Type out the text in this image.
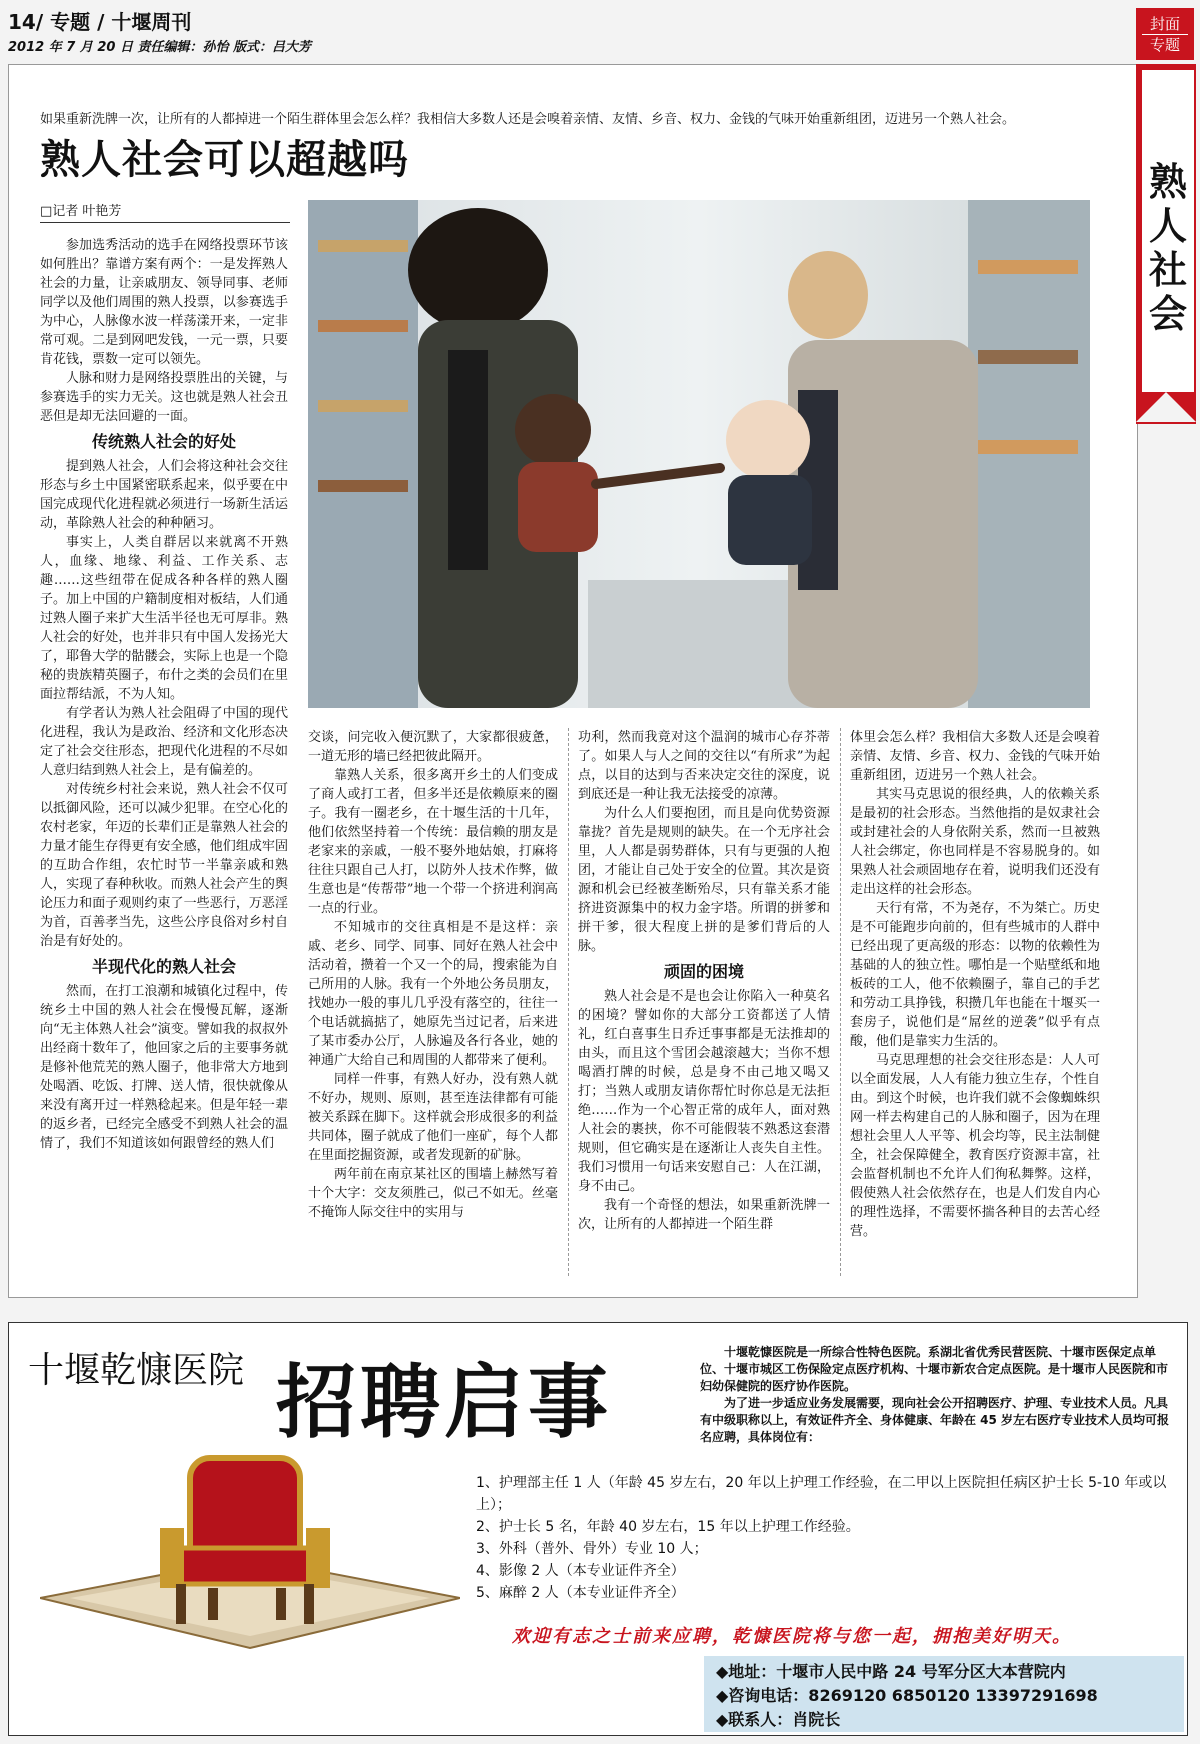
14/ 专题 / 十堰周刊
2012 年 7 月 20 日 责任编辑：孙怡 版式：吕大芳
封面
专题
熟人社会
如果重新洗牌一次，让所有的人都掉进一个陌生群体里会怎么样？我相信大多数人还是会嗅着亲情、友情、乡音、权力、金钱的气味开始重新组团，迈进另一个熟人社会。
熟人社会可以超越吗
□记者 叶艳芳

参加选秀活动的选手在网络投票环节该如何胜出？靠谱方案有两个：一是发挥熟人社会的力量，让亲戚朋友、领导同事、老师同学以及他们周围的熟人投票，以参赛选手为中心，人脉像水波一样荡漾开来，一定非常可观。二是到网吧发钱，一元一票，只要肯花钱，票数一定可以领先。

人脉和财力是网络投票胜出的关键，与参赛选手的实力无关。这也就是熟人社会丑恶但是却无法回避的一面。

传统熟人社会的好处

提到熟人社会，人们会将这种社会交往形态与乡土中国紧密联系起来，似乎要在中国完成现代化进程就必须进行一场新生活运动，革除熟人社会的种种陋习。

事实上，人类自群居以来就离不开熟人，血缘、地缘、利益、工作关系、志趣……这些纽带在促成各种各样的熟人圈子。加上中国的户籍制度相对板结，人们通过熟人圈子来扩大生活半径也无可厚非。熟人社会的好处，也并非只有中国人发扬光大了，耶鲁大学的骷髅会，实际上也是一个隐秘的贵族精英圈子，布什之类的会员们在里面拉帮结派，不为人知。

有学者认为熟人社会阻碍了中国的现代化进程，我认为是政治、经济和文化形态决定了社会交往形态，把现代化进程的不尽如人意归结到熟人社会上，是有偏差的。

对传统乡村社会来说，熟人社会不仅可以抵御风险，还可以减少犯罪。在空心化的农村老家，年迈的长辈们正是靠熟人社会的力量才能生存得更有安全感，他们组成牢固的互助合作组，农忙时节一半靠亲戚和熟人，实现了春种秋收。而熟人社会产生的舆论压力和面子观则约束了一些恶行，万恶淫为首，百善孝当先，这些公序良俗对乡村自治是有好处的。

半现代化的熟人社会

然而，在打工浪潮和城镇化过程中，传统乡土中国的熟人社会在慢慢瓦解，逐渐向“无主体熟人社会”演变。譬如我的叔叔外出经商十数年了，他回家之后的主要事务就是修补他荒芜的熟人圈子，他非常大方地到处喝酒、吃饭、打牌、送人情，很快就像从来没有离开过一样熟稔起来。但是年轻一辈的返乡者，已经完全感受不到熟人社会的温情了，我们不知道该如何跟曾经的熟人们

交谈，问完收入便沉默了，大家都很疲惫，一道无形的墙已经把彼此隔开。

靠熟人关系，很多离开乡土的人们变成了商人或打工者，但多半还是依赖原来的圈子。我有一圈老乡，在十堰生活的十几年，他们依然坚持着一个传统：最信赖的朋友是老家来的亲戚，一般不娶外地姑娘，打麻将往往只跟自己人打，以防外人技术作弊，做生意也是“传帮带”地一个带一个挤进利润高一点的行业。

不知城市的交往真相是不是这样：亲戚、老乡、同学、同事、同好在熟人社会中活动着，攒着一个又一个的局，搜索能为自己所用的人脉。我有一个外地公务员朋友，找她办一般的事儿几乎没有落空的，往往一个电话就搞掂了，她原先当过记者，后来进了某市委办公厅，人脉遍及各行各业，她的神通广大给自己和周围的人都带来了便利。

同样一件事，有熟人好办，没有熟人就不好办，规则、原则，甚至连法律都有可能被关系踩在脚下。这样就会形成很多的利益共同体，圈子就成了他们一座矿，每个人都在里面挖掘资源，或者发现新的矿脉。

两年前在南京某社区的围墙上赫然写着十个大字：交友须胜己，似己不如无。丝毫不掩饰人际交往中的实用与

功利，然而我竟对这个温润的城市心存芥蒂了。如果人与人之间的交往以“有所求”为起点，以目的达到与否来决定交往的深度，说到底还是一种让我无法接受的凉薄。

为什么人们要抱团，而且是向优势资源靠拢？首先是规则的缺失。在一个无序社会里，人人都是弱势群体，只有与更强的人抱团，才能让自己处于安全的位置。其次是资源和机会已经被垄断殆尽，只有靠关系才能挤进资源集中的权力金字塔。所谓的拼爹和拼干爹，很大程度上拼的是爹们背后的人脉。

顽固的困境

熟人社会是不是也会让你陷入一种莫名的困境？譬如你的大部分工资都送了人情礼，红白喜事生日乔迁事事都是无法推却的由头，而且这个雪团会越滚越大；当你不想喝酒打牌的时候，总是身不由己地又喝又打；当熟人或朋友请你帮忙时你总是无法拒绝……作为一个心智正常的成年人，面对熟人社会的裹挟，你不可能假装不熟悉这套潜规则，但它确实是在逐渐让人丧失自主性。我们习惯用一句话来安慰自己：人在江湖，身不由己。

我有一个奇怪的想法，如果重新洗牌一次，让所有的人都掉进一个陌生群

体里会怎么样？我相信大多数人还是会嗅着亲情、友情、乡音、权力、金钱的气味开始重新组团，迈进另一个熟人社会。

其实马克思说的很经典，人的依赖关系是最初的社会形态。当然他指的是奴隶社会或封建社会的人身依附关系，然而一旦被熟人社会绑定，你也同样是不容易脱身的。如果熟人社会顽固地存在着，说明我们还没有走出这样的社会形态。

天行有常，不为尧存，不为桀亡。历史是不可能跑步向前的，但有些城市的人群中已经出现了更高级的形态：以物的依赖性为基础的人的独立性。哪怕是一个贴壁纸和地板砖的工人，他不依赖圈子，靠自己的手艺和劳动工具挣钱，积攒几年也能在十堰买一套房子，说他们是“屌丝的逆袭”似乎有点酸，他们是靠实力生活的。

马克思理想的社会交往形态是：人人可以全面发展，人人有能力独立生存，个性自由。到这个时候，也许我们就不会像蜘蛛织网一样去构建自己的人脉和圈子，因为在理想社会里人人平等、机会均等，民主法制健全，社会保障健全，教育医疗资源丰富，社会监督机制也不允许人们徇私舞弊。这样，假使熟人社会依然存在，也是人们发自内心的理性选择，不需要怀揣各种目的去苦心经营。

十堰乾慷医院 招聘启事

十堰乾慷医院是一所综合性特色医院。系湖北省优秀民营医院、十堰市医保定点单位、十堰市城区工伤保险定点医疗机构、十堰市新农合定点医院。是十堰市人民医院和市妇幼保健院的医疗协作医院。

为了进一步适应业务发展需要，现向社会公开招聘医疗、护理、专业技术人员。凡具有中级职称以上，有效证件齐全、身体健康、年龄在 45 岁左右医疗专业技术人员均可报名应聘，具体岗位有：

1、护理部主任 1 人（年龄 45 岁左右，20 年以上护理工作经验，在二甲以上医院担任病区护士长 5-10 年或以上）；
2、护士长 5 名，年龄 40 岁左右，15 年以上护理工作经验。
3、外科（普外、骨外）专业 10 人；
4、影像 2 人（本专业证件齐全）
5、麻醉 2 人（本专业证件齐全）
欢迎有志之士前来应聘，乾慷医院将与您一起，拥抱美好明天。
◆地址：十堰市人民中路 24 号军分区大本营院内
◆咨询电话：8269120 6850120 13397291698
◆联系人：肖院长
